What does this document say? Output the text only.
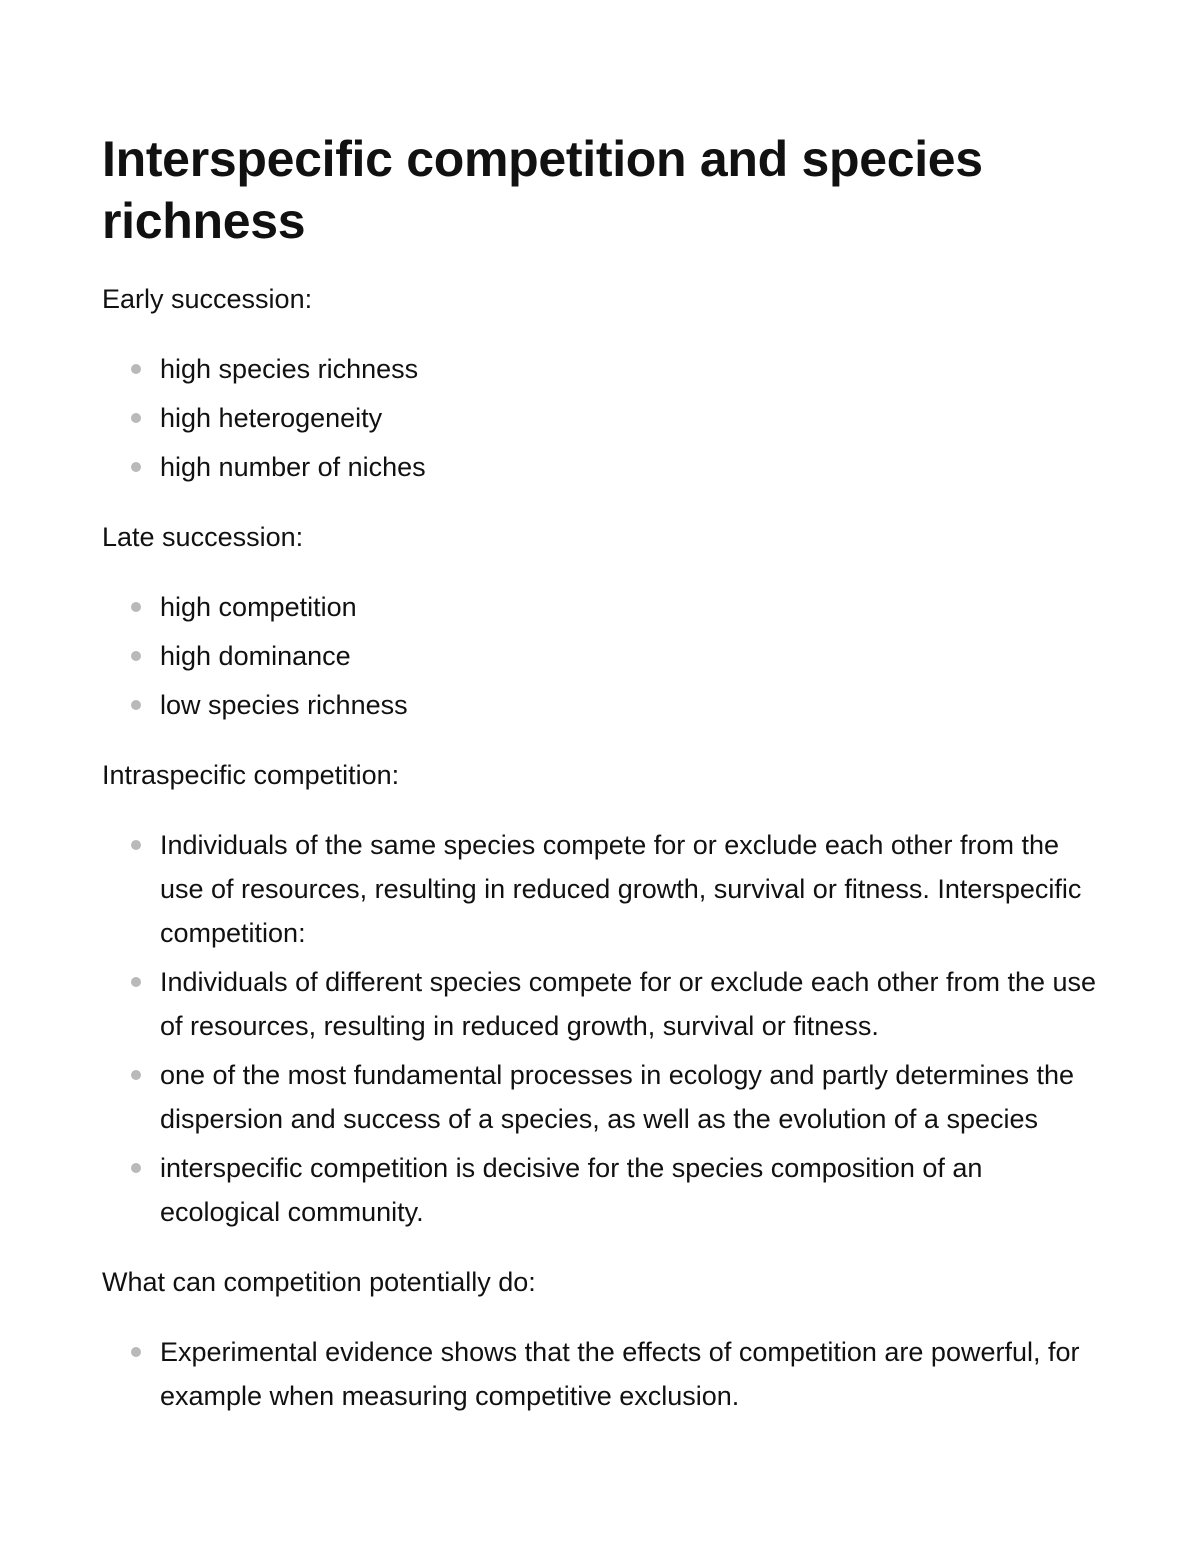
Interspecific competition and species richness

Early succession:

high species richness
high heterogeneity
high number of niches

Late succession:

high competition
high dominance
low species richness

Intraspecific competition:

Individuals of the same species compete for or exclude each other from the use of resources, resulting in reduced growth, survival or fitness. Interspecific competition:
Individuals of different species compete for or exclude each other from the use of resources, resulting in reduced growth, survival or fitness.
one of the most fundamental processes in ecology and partly determines the dispersion and success of a species, as well as the evolution of a species
interspecific competition is decisive for the species composition of an ecological community.

What can competition potentially do:

Experimental evidence shows that the effects of competition are powerful, for example when measuring competitive exclusion.
